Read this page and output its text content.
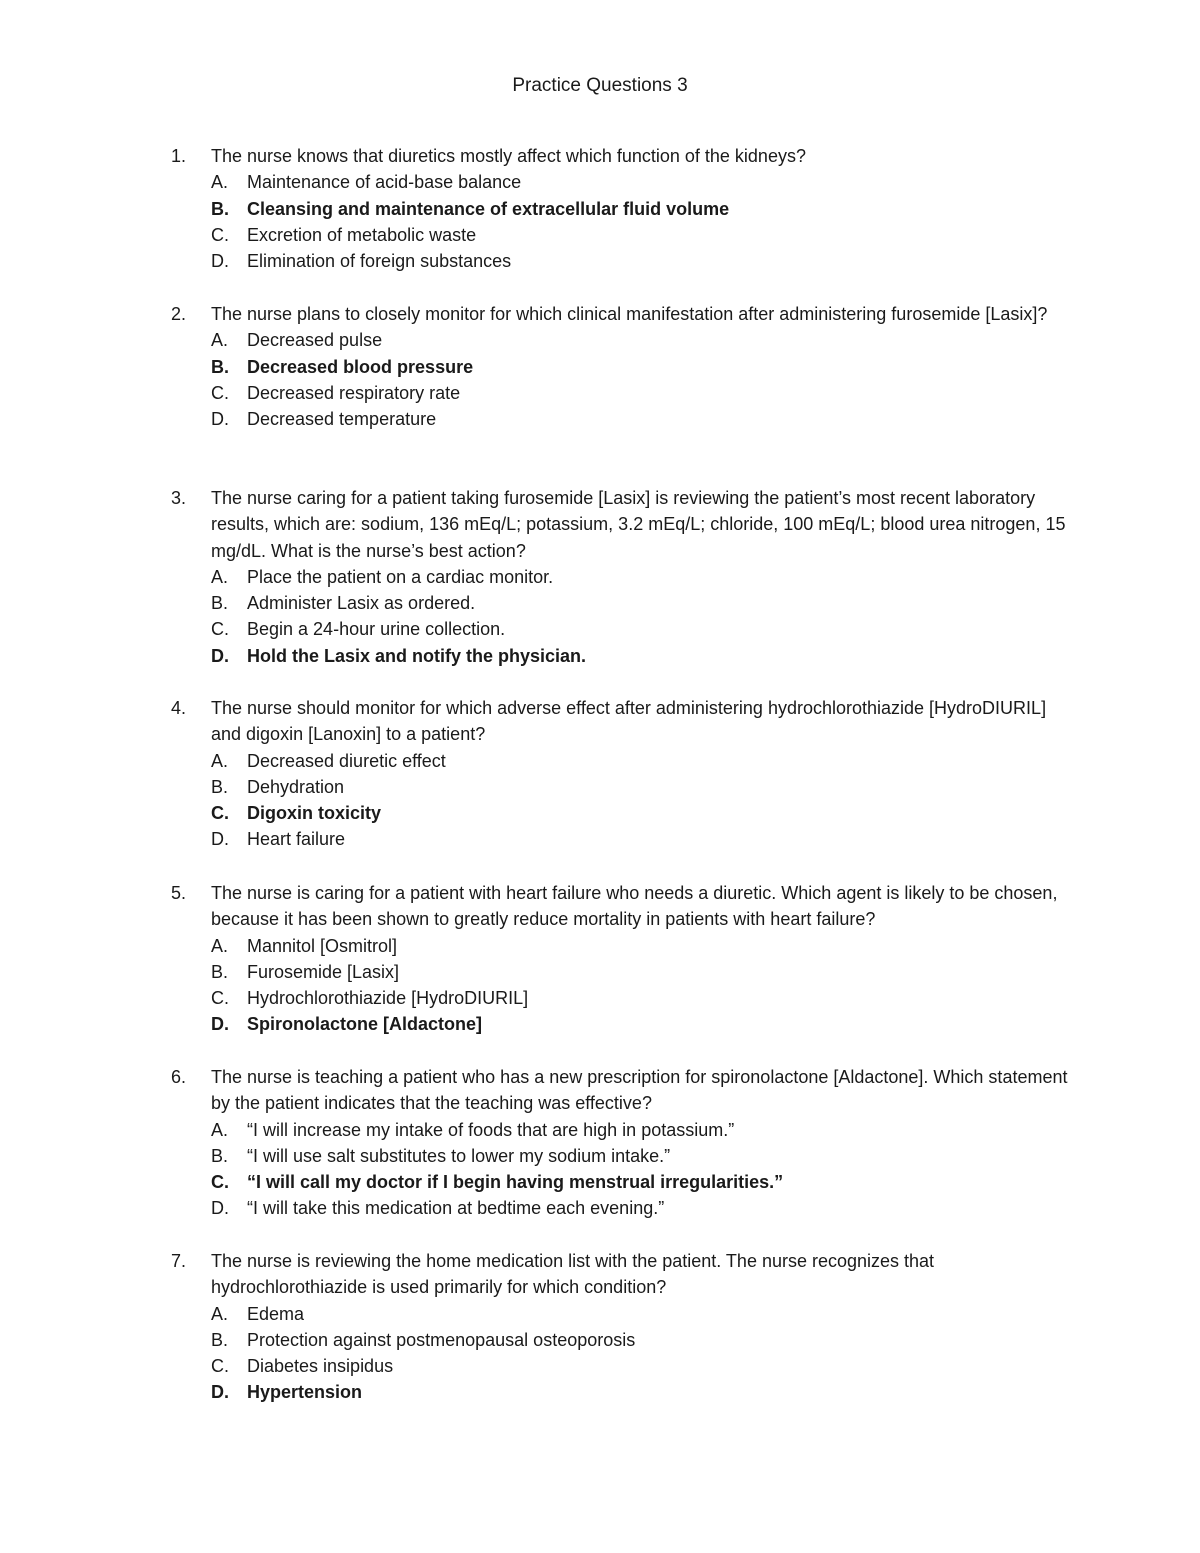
Practice Questions 3
1.	The nurse knows that diuretics mostly affect which function of the kidneys?
A.	Maintenance of acid-base balance
B.	Cleansing and maintenance of extracellular fluid volume
C.	Excretion of metabolic waste
D.	Elimination of foreign substances
2.	The nurse plans to closely monitor for which clinical manifestation after administering furosemide [Lasix]?
A.	Decreased pulse
B.	Decreased blood pressure
C.	Decreased respiratory rate
D.	Decreased temperature
3.	The nurse caring for a patient taking furosemide [Lasix] is reviewing the patient’s most recent laboratory results, which are: sodium, 136 mEq/L; potassium, 3.2 mEq/L; chloride, 100 mEq/L; blood urea nitrogen, 15 mg/dL. What is the nurse’s best action?
A.	Place the patient on a cardiac monitor.
B.	Administer Lasix as ordered.
C.	Begin a 24-hour urine collection.
D.	Hold the Lasix and notify the physician.
4.	The nurse should monitor for which adverse effect after administering hydrochlorothiazide [HydroDIURIL] and digoxin [Lanoxin] to a patient?
A.	Decreased diuretic effect
B.	Dehydration
C.	Digoxin toxicity
D.	Heart failure
5.	The nurse is caring for a patient with heart failure who needs a diuretic. Which agent is likely to be chosen, because it has been shown to greatly reduce mortality in patients with heart failure?
A.	Mannitol [Osmitrol]
B.	Furosemide [Lasix]
C.	Hydrochlorothiazide [HydroDIURIL]
D.	Spironolactone [Aldactone]
6.	The nurse is teaching a patient who has a new prescription for spironolactone [Aldactone]. Which statement by the patient indicates that the teaching was effective?
A.	“I will increase my intake of foods that are high in potassium.”
B.	“I will use salt substitutes to lower my sodium intake.”
C.	“I will call my doctor if I begin having menstrual irregularities.”
D.	“I will take this medication at bedtime each evening.”
7.	The nurse is reviewing the home medication list with the patient. The nurse recognizes that hydrochlorothiazide is used primarily for which condition?
A.	Edema
B.	Protection against postmenopausal osteoporosis
C.	Diabetes insipidus
D.	Hypertension
